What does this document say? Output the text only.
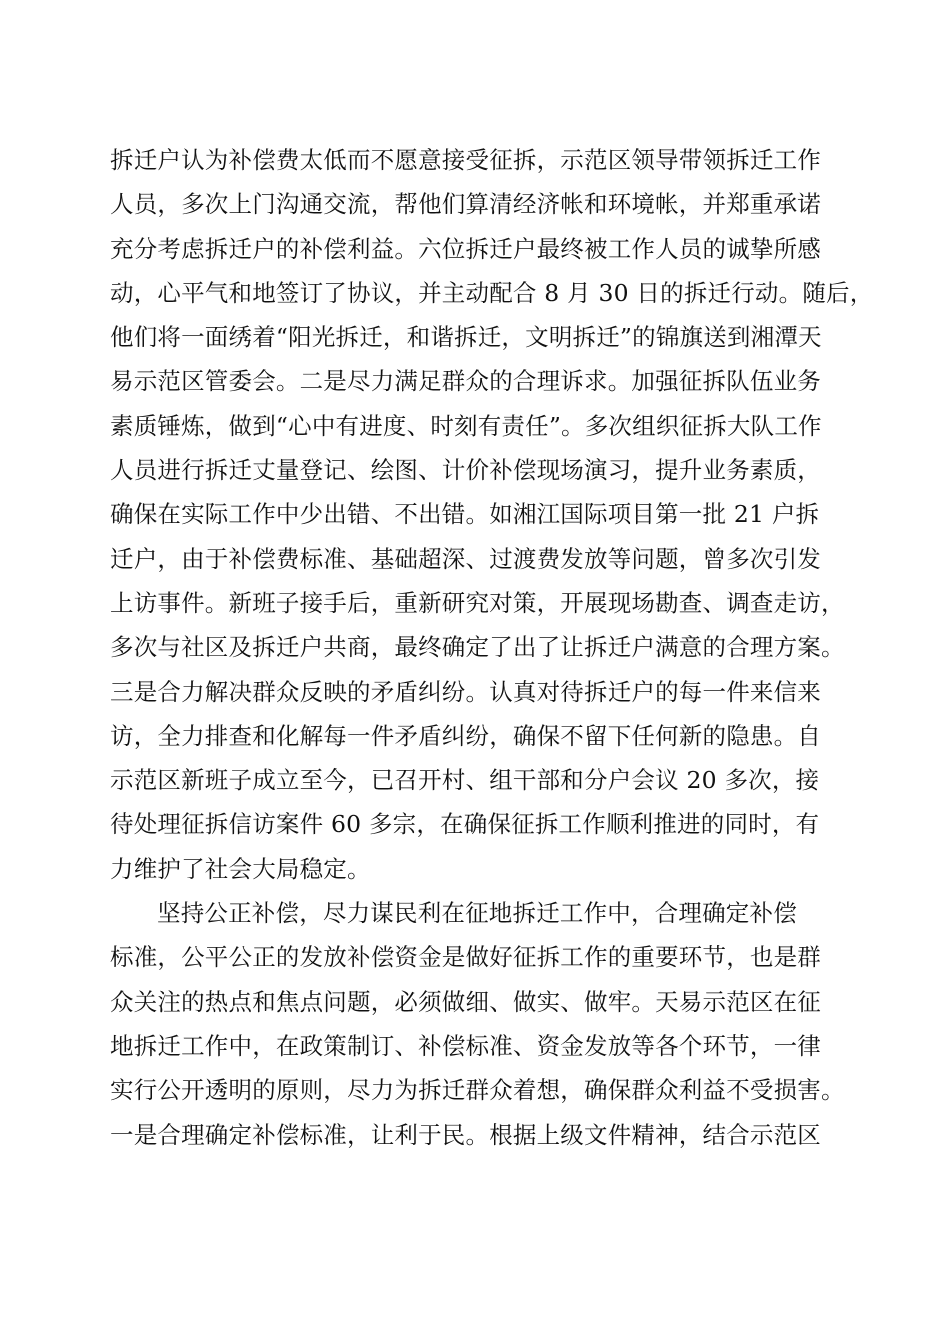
拆迁户认为补偿费太低而不愿意接受征拆，示范区领导带领拆迁工作
人员，多次上门沟通交流，帮他们算清经济帐和环境帐，并郑重承诺
充分考虑拆迁户的补偿利益。六位拆迁户最终被工作人员的诚挚所感
动，心平气和地签订了协议，并主动配合 8 月 30 日的拆迁行动。随后，
他们将一面绣着“阳光拆迁，和谐拆迁，文明拆迁”的锦旗送到湘潭天
易示范区管委会。二是尽力满足群众的合理诉求。加强征拆队伍业务
素质锤炼，做到“心中有进度、时刻有责任”。多次组织征拆大队工作
人员进行拆迁丈量登记、绘图、计价补偿现场演习，提升业务素质，
确保在实际工作中少出错、不出错。如湘江国际项目第一批 21 户拆
迁户，由于补偿费标准、基础超深、过渡费发放等问题，曾多次引发
上访事件。新班子接手后，重新研究对策，开展现场勘查、调查走访，
多次与社区及拆迁户共商，最终确定了出了让拆迁户满意的合理方案。
三是合力解决群众反映的矛盾纠纷。认真对待拆迁户的每一件来信来
访，全力排查和化解每一件矛盾纠纷，确保不留下任何新的隐患。自
示范区新班子成立至今，已召开村、组干部和分户会议 20 多次，接
待处理征拆信访案件 60 多宗，在确保征拆工作顺利推进的同时，有
力维护了社会大局稳定。
坚持公正补偿，尽力谋民利在征地拆迁工作中，合理确定补偿
标准，公平公正的发放补偿资金是做好征拆工作的重要环节，也是群
众关注的热点和焦点问题，必须做细、做实、做牢。天易示范区在征
地拆迁工作中，在政策制订、补偿标准、资金发放等各个环节，一律
实行公开透明的原则，尽力为拆迁群众着想，确保群众利益不受损害。
一是合理确定补偿标准，让利于民。根据上级文件精神，结合示范区
